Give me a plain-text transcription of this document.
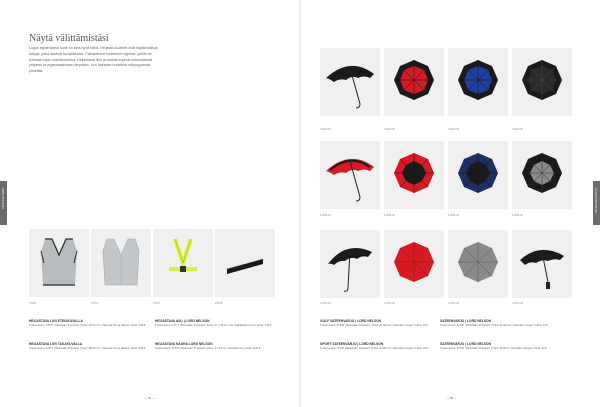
HEIJASTIMET	SATEENVARJOT
Näytä välittämistäsi

Logon täydentämä tuote on aina hyvä kiitos. Heijastin-tuotteet ovat käytännöllisiä lahjoja, jotka lisäävät turvallisuutta. Painatamme tuotteisiin logonne, jolloin ne toimivat myös markkinointina. Heijastavat liivit ja nauhat sopivat erinomaisesti yritysten ja organisaatioiden tarpeisiin, kun halutaan huolehtia näkyvyydestä pimeällä.

47070	47071	47077	47375

HEIJASTAVA LIIVI ETEISKUVALLA

Tuotenumero: 47070 | Materiaali: Polyesteri | Koko: 40x70 cm | Painoala: Etu ja takana | Hinta: 4,95 €

HEIJASTAVA ASU | LORD NELSON

Tuotenumero: 47077 | Materiaali: Polyesteri | Koko: 37 x 18 cm | Sis. Säädettävä hihna | Hinta: 7,95 €

HEIJASTAVA LIIVI TAKAKUVALLA

Tuotenumero: 47071 | Materiaali: Polyesteri | Koko: 40x70 cm | Painoala: Etu ja takana | Hinta: 4,95 €

HEIJASTAVA NAUHA LORD NELSON

Tuotenumero: 47375 | Materiaali: Polyesteri | Koko: 3 x 23 cm | Painoala: Etu | Hinta: 0,95 €

— 84 —
47106-01	47106-02	47106-03	47106-04
47108-01	47108-02	47108-03	47108-04
47130-01	47130-02	47130-03	47134-03

GOLF SATEENVARJO | LORD NELSON

Tuotenumero: 47106 | Materiaali: Polyesteri | Koko: Ø 130 cm | Painoala: Kangas | Hinta: 22 €

SATEENVARJO | LORD NELSON

Tuotenumero: 47130 | Materiaali: Polyesteri | Koko: Ø 102 cm | Painoala: Kangas | Hinta: 14 €

SPORT SATEENVARJO | LORD NELSON

Tuotenumero: 47108 | Materiaali: Polyesteri | Koko: Ø 130 cm | Painoala: Kangas | Hinta: 25 €

SATEENVARJO | LORD NELSON

Tuotenumero: 47134 | Materiaali: Polyesteri | Koko: Ø 98 cm | Painoala: Kangas | Hinta: 16 €

— 85 —
